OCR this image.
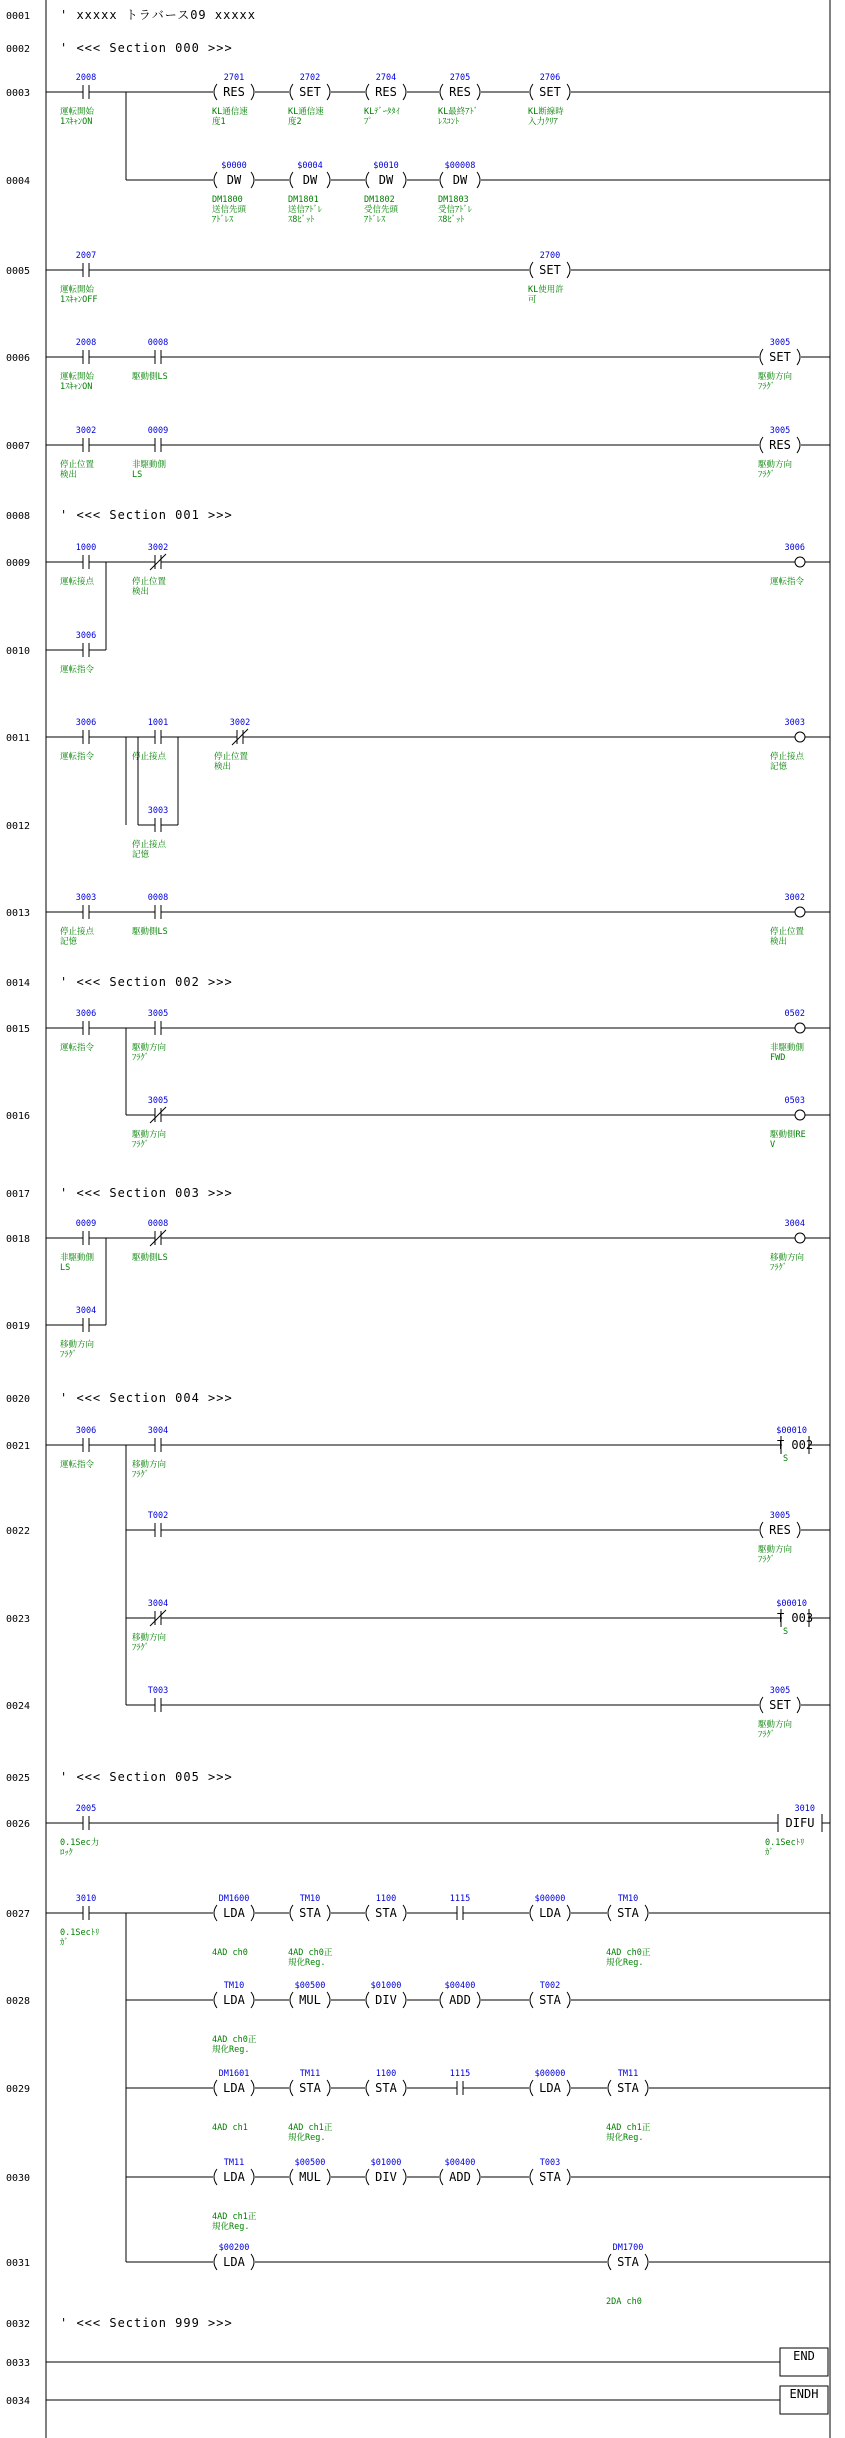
0001 ' xxxxx トラバース09 xxxxx
0002 ' <<< Section 000 >>>
0003
2008
運転開始
1ｽｷｬﾝON
RES
2701
KL通信速
度1
SET
2702
KL通信速
度2
RES
2704
KLﾃﾞｰﾀﾀｲ
ﾌﾟ
RES
2705
KL最終ｱﾄﾞ
ﾚｽｺﾝﾄ
SET
2706
KL断線時
入力ｸﾘｱ
0004	DW
$0000
DM1800
送信先頭
ｱﾄﾞﾚｽ
DW
$0004
DM1801
送信ｱﾄﾞﾚ
ｽ8ﾋﾞｯﾄ
DW
$0010
DM1802
受信先頭
ｱﾄﾞﾚｽ
DW
$00008
DM1803
受信ｱﾄﾞﾚ
ｽ8ﾋﾞｯﾄ
0005
2007
運転開始
1ｽｷｬﾝOFF
SET
2700
KL使用許
可
0006
2008
運転開始
1ｽｷｬﾝON
0008
駆動側LS
SET
3005
駆動方向
ﾌﾗｸﾞ
0007
3002
停止位置
検出
0009
非駆動側
LS
RES
3005
駆動方向
ﾌﾗｸﾞ
0008 ' <<< Section 001 >>>
0009
1000
運転接点
3002
停止位置
検出
3006
運転指令
0010
3006
運転指令
0011
3006
運転指令
1001
停止接点
3002
停止位置
検出
3003
停止接点
記憶
0012
3003
停止接点
記憶
0013
3003
停止接点
記憶
0008
駆動側LS
3002
停止位置
検出
0014 ' <<< Section 002 >>>
0015
3006
運転指令
3005
駆動方向
ﾌﾗｸﾞ
0502
非駆動側
FWD
0016
3005
駆動方向
ﾌﾗｸﾞ
0503
駆動側RE
V
0017 ' <<< Section 003 >>>
0018
0009
非駆動側
LS
0008
駆動側LS
3004
移動方向
ﾌﾗｸﾞ
0019
3004
移動方向
ﾌﾗｸﾞ
0020 ' <<< Section 004 >>>
0021
3006
運転指令
3004
移動方向
ﾌﾗｸﾞ
T 002
$00010
S
0022
T002
RES
3005
駆動方向
ﾌﾗｸﾞ
0023
3004
移動方向
ﾌﾗｸﾞ
T 003
$00010
S
0024
T003
SET
3005
駆動方向
ﾌﾗｸﾞ
0025 ' <<< Section 005 >>>
0026
2005
0.1Sec力
ﾛｯｸ
DIFU
3010
0.1Secﾄﾘ
ｶﾞ
0027
3010
0.1Secﾄﾘ
ｶﾞ
LDA
DM1600
4AD ch0
STA
TM10
4AD ch0正
規化Reg.
STA
1100	1115
LDA
$00000
STA
TM10
4AD ch0正
規化Reg.
0028	LDA
TM10
4AD ch0正
規化Reg.
MUL
$00500
DIV
$01000
ADD
$00400
STA
T002
0029	LDA
DM1601
4AD ch1
STA
TM11
4AD ch1正
規化Reg.
STA
1100	1115
LDA
$00000
STA
TM11
4AD ch1正
規化Reg.
0030	LDA
TM11
4AD ch1正
規化Reg.
MUL
$00500
DIV
$01000
ADD
$00400
STA
T003
0031	LDA
$00200
STA
DM1700
2DA ch0
0032 ' <<< Section 999 >>>
0033
END
0034
ENDH
